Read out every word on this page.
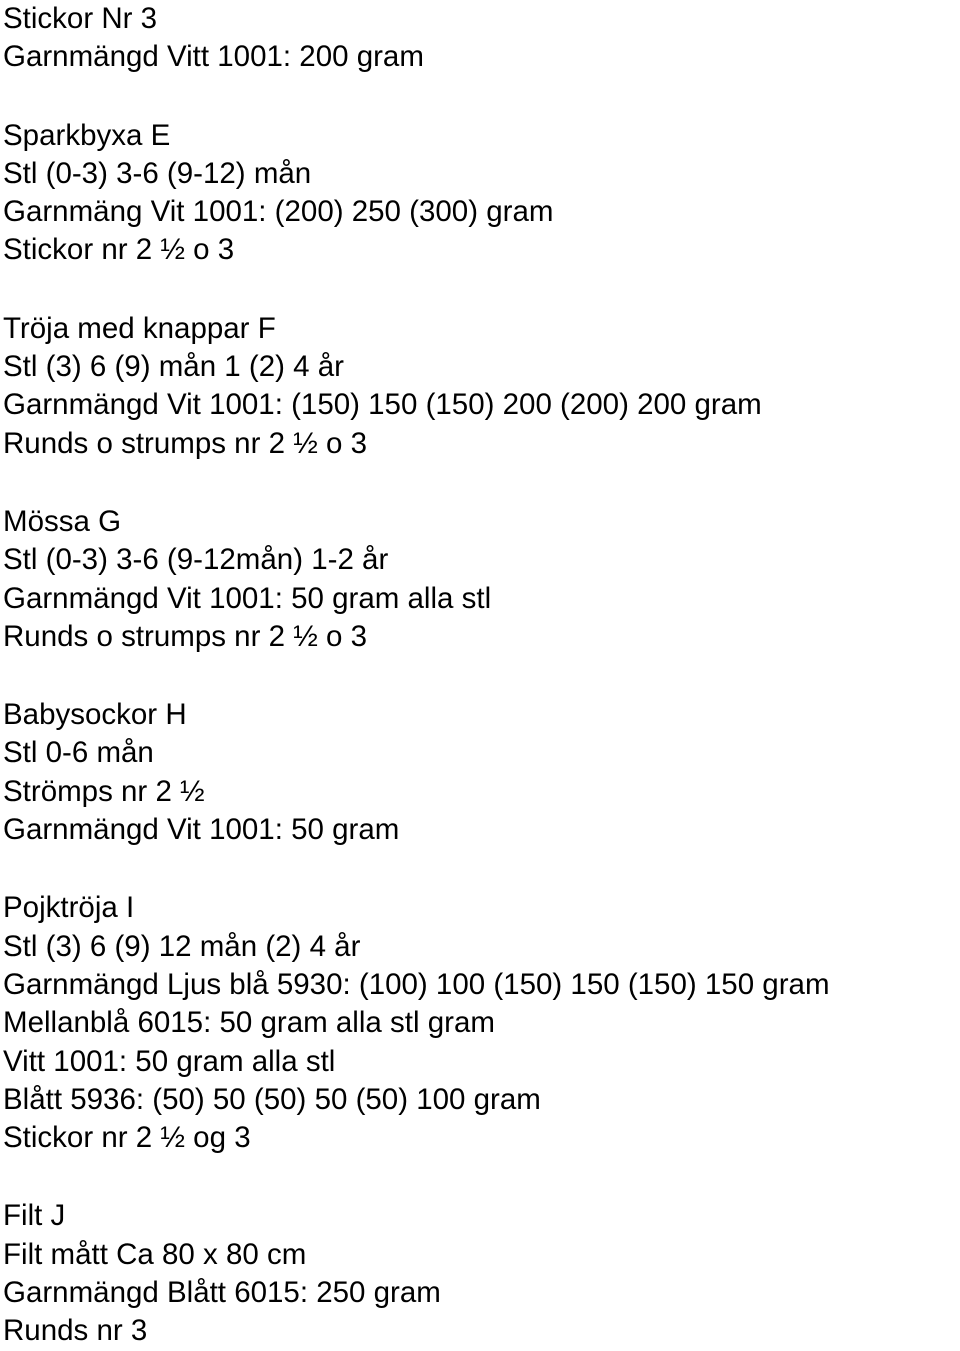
Stickor Nr 3
Garnmängd Vitt 1001: 200 gram
Sparkbyxa E
Stl (0-3) 3-6 (9-12) mån
Garnmäng Vit 1001: (200) 250 (300) gram
Stickor nr 2 ½ o 3
Tröja med knappar F
Stl (3) 6 (9) mån 1 (2) 4 år
Garnmängd Vit 1001: (150) 150 (150) 200 (200) 200 gram
Runds o strumps nr 2 ½ o 3
Mössa G
Stl (0-3) 3-6 (9-12mån) 1-2 år
Garnmängd Vit 1001: 50 gram alla stl
Runds o strumps nr 2 ½ o 3
Babysockor H
Stl 0-6 mån
Strömps nr 2 ½
Garnmängd Vit 1001: 50 gram
Pojktröja I
Stl (3) 6 (9) 12 mån (2) 4 år
Garnmängd Ljus blå 5930: (100) 100 (150) 150 (150) 150 gram
Mellanblå 6015: 50 gram alla stl gram
Vitt 1001: 50 gram alla stl
Blått 5936: (50) 50 (50) 50 (50) 100 gram
Stickor nr 2 ½ og 3
Filt J
Filt mått Ca 80 x 80 cm
Garnmängd Blått 6015: 250 gram
Runds nr 3
